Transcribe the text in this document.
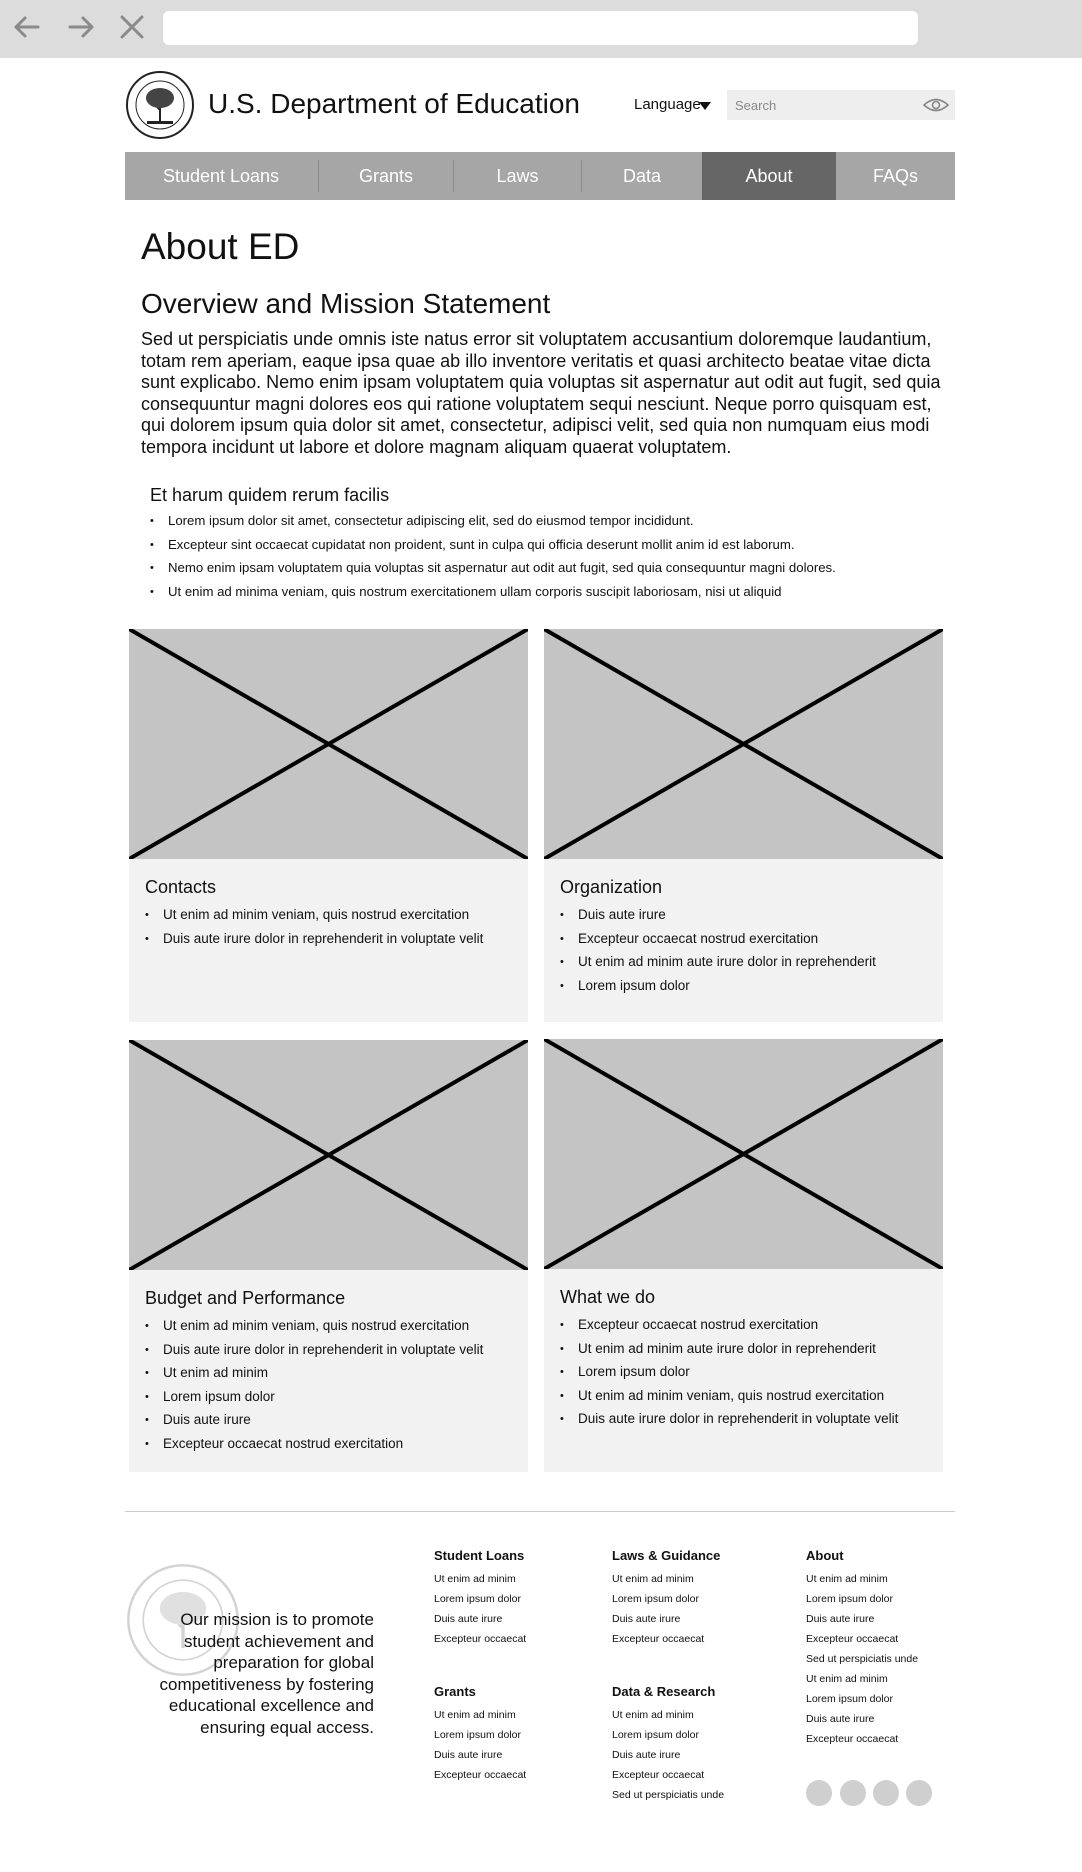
U.S. Department of Education	Language
Search
Student Loans	Grants	Laws	Data	About	FAQs
About ED
Overview and Mission Statement
Sed ut perspiciatis unde omnis iste natus error sit voluptatem accusantium doloremque laudantium, totam rem aperiam, eaque ipsa quae ab illo inventore veritatis et quasi architecto beatae vitae dicta sunt explicabo. Nemo enim ipsam voluptatem quia voluptas sit aspernatur aut odit aut fugit, sed quia consequuntur magni dolores eos qui ratione voluptatem sequi nesciunt. Neque porro quisquam est, qui dolorem ipsum quia dolor sit amet, consectetur, adipisci velit, sed quia non numquam eius modi tempora incidunt ut labore et dolore magnam aliquam quaerat voluptatem.
Et harum quidem rerum facilis
• Lorem ipsum dolor sit amet, consectetur adipiscing elit, sed do eiusmod tempor incididunt.
• Excepteur sint occaecat cupidatat non proident, sunt in culpa qui officia deserunt mollit anim id est laborum.
• Nemo enim ipsam voluptatem quia voluptas sit aspernatur aut odit aut fugit, sed quia consequuntur magni dolores.
• Ut enim ad minima veniam, quis nostrum exercitationem ullam corporis suscipit laboriosam, nisi ut aliquid
Contacts
• Ut enim ad minim veniam, quis nostrud exercitation
• Duis aute irure dolor in reprehenderit in voluptate velit
Organization
• Duis aute irure
• Excepteur occaecat nostrud exercitation
• Ut enim ad minim aute irure dolor in reprehenderit
• Lorem ipsum dolor
Budget and Performance
• Ut enim ad minim veniam, quis nostrud exercitation
• Duis aute irure dolor in reprehenderit in voluptate velit
• Ut enim ad minim
• Lorem ipsum dolor
• Duis aute irure
• Excepteur occaecat nostrud exercitation
What we do
• Excepteur occaecat nostrud exercitation
• Ut enim ad minim aute irure dolor in reprehenderit
• Lorem ipsum dolor
• Ut enim ad minim veniam, quis nostrud exercitation
• Duis aute irure dolor in reprehenderit in voluptate velit
Our mission is to promote student achievement and preparation for global competitiveness by fostering educational excellence and ensuring equal access.
Student Loans
Ut enim ad minim
Lorem ipsum dolor
Duis aute irure
Excepteur occaecat
Grants
Ut enim ad minim
Lorem ipsum dolor
Duis aute irure
Excepteur occaecat
Laws & Guidance
Ut enim ad minim
Lorem ipsum dolor
Duis aute irure
Excepteur occaecat
Data & Research
Ut enim ad minim
Lorem ipsum dolor
Duis aute irure
Excepteur occaecat
Sed ut perspiciatis unde
About
Ut enim ad minim
Lorem ipsum dolor
Duis aute irure
Excepteur occaecat
Sed ut perspiciatis unde
Ut enim ad minim
Lorem ipsum dolor
Duis aute irure
Excepteur occaecat
